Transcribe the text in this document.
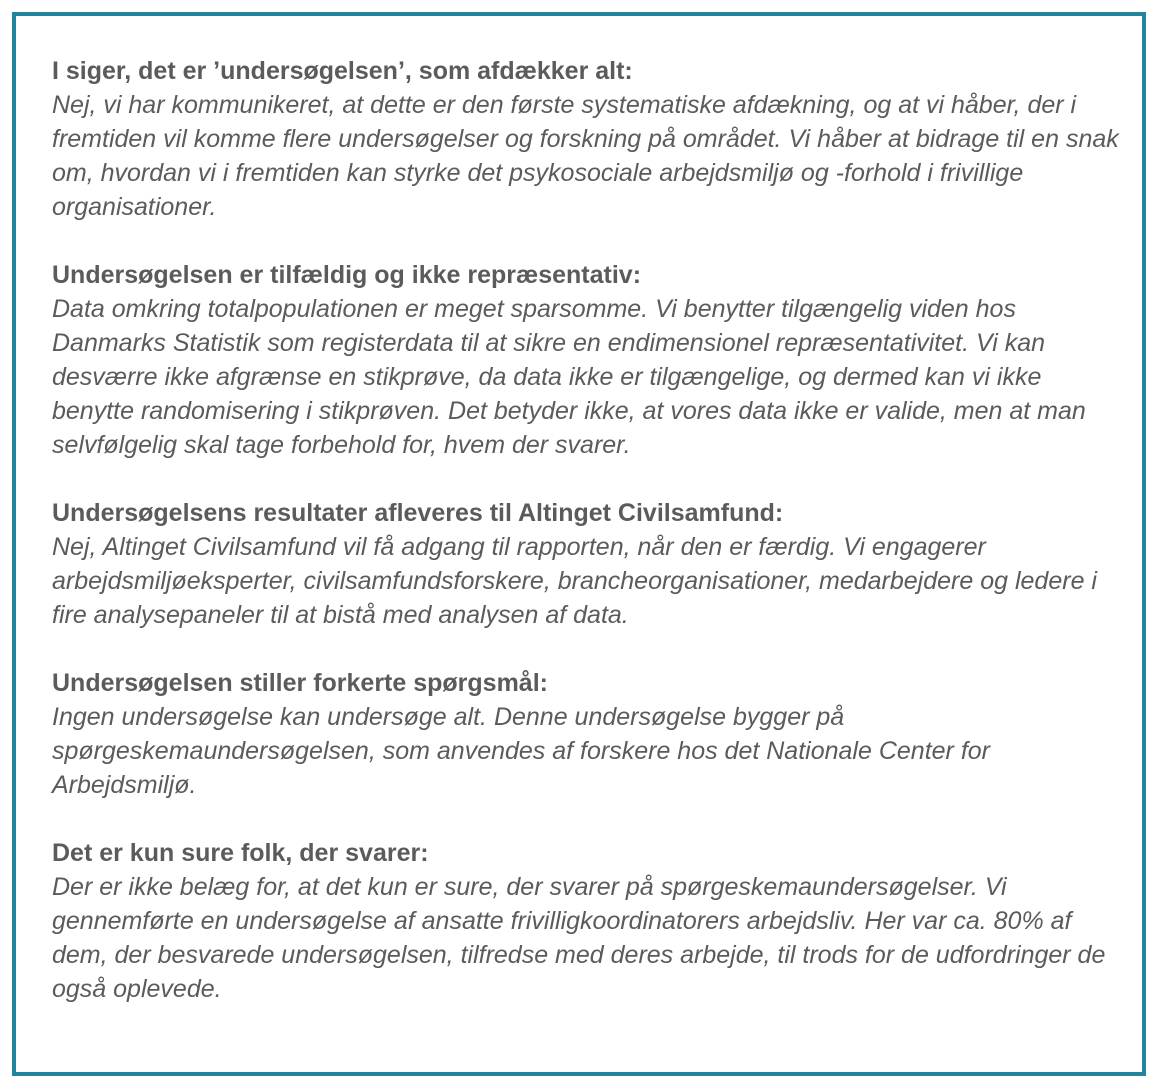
I siger, det er ’undersøgelsen’, som afdækker alt:
Nej, vi har kommunikeret, at dette er den første systematiske afdækning, og at vi håber, der i fremtiden vil komme flere undersøgelser og forskning på området. Vi håber at bidrage til en snak om, hvordan vi i fremtiden kan styrke det psykosociale arbejdsmiljø og -forhold i frivillige organisationer.
Undersøgelsen er tilfældig og ikke repræsentativ:
Data omkring totalpopulationen er meget sparsomme. Vi benytter tilgængelig viden hos Danmarks Statistik som registerdata til at sikre en endimensionel repræsentativitet. Vi kan desværre ikke afgrænse en stikprøve, da data ikke er tilgængelige, og dermed kan vi ikke benytte randomisering i stikprøven. Det betyder ikke, at vores data ikke er valide, men at man selvfølgelig skal tage forbehold for, hvem der svarer.
Undersøgelsens resultater afleveres til Altinget Civilsamfund:
Nej, Altinget Civilsamfund vil få adgang til rapporten, når den er færdig. Vi engagerer arbejdsmiljøeksperter, civilsamfundsforskere, brancheorganisationer, medarbejdere og ledere i fire analysepaneler til at bistå med analysen af data.
Undersøgelsen stiller forkerte spørgsmål:
Ingen undersøgelse kan undersøge alt. Denne undersøgelse bygger på spørgeskemaundersøgelsen, som anvendes af forskere hos det Nationale Center for Arbejdsmiljø.
Det er kun sure folk, der svarer:
Der er ikke belæg for, at det kun er sure, der svarer på spørgeskemaundersøgelser. Vi gennemførte en undersøgelse af ansatte frivilligkoordinatorers arbejdsliv. Her var ca. 80% af dem, der besvarede undersøgelsen, tilfredse med deres arbejde, til trods for de udfordringer de også oplevede.
